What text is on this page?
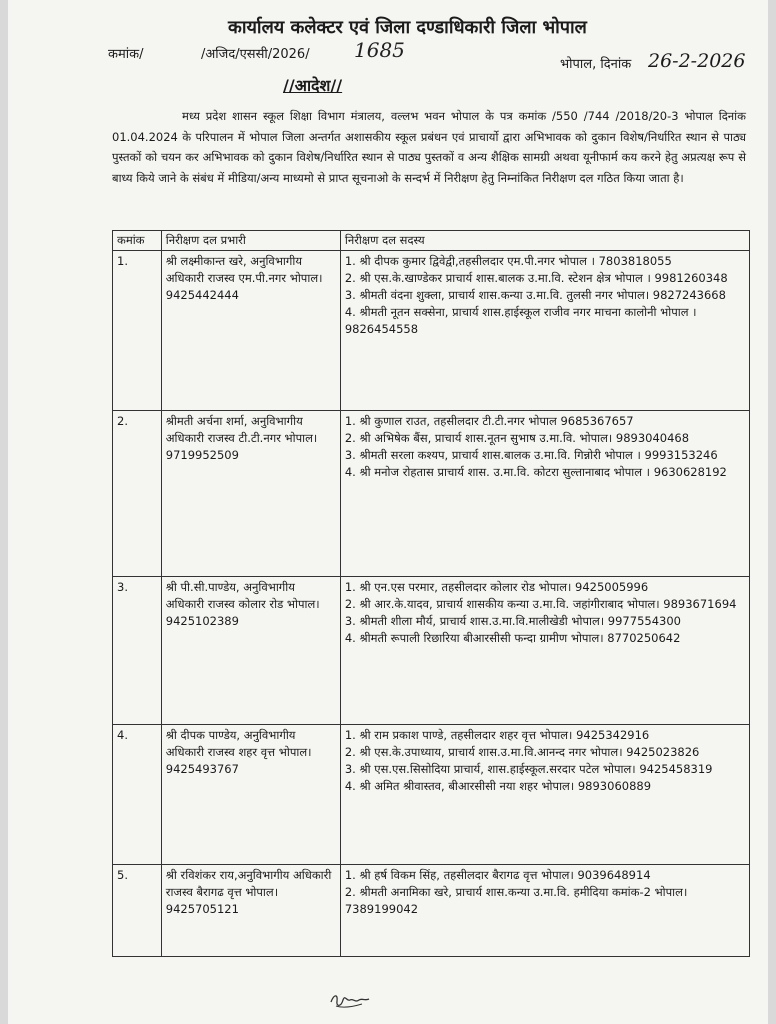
कार्यालय कलेक्टर एवं जिला दण्डाधिकारी जिला भोपाल
कमांक/	/अजिद/एससी/2026/ 1685
भोपाल, दिनांक 26-2-2026
//आदेश//
मध्य प्रदेश शासन स्कूल शिक्षा विभाग मंत्रालय, वल्लभ भवन भोपाल के पत्र कमांक /550 /744 /2018/20-3 भोपाल दिनांक 01.04.2024 के परिपालन में भोपाल जिला अन्तर्गत अशासकीय स्कूल प्रबंधन एवं प्राचार्यो द्वारा अभिभावक को दुकान विशेष/निर्धारित स्थान से पाठ्य पुस्तकों को चयन कर अभिभावक को दुकान विशेष/निर्धारित स्थान से पाठ्य पुस्तकों व अन्य शैक्षिक सामग्री अथवा यूनीफार्म कय करने हेतु अप्रत्यक्ष रूप से बाध्य किये जाने के संबंध में मीडिया/अन्य माध्यमो से प्राप्त सूचनाओ के सन्दर्भ में निरीक्षण हेतु निम्नांकित निरीक्षण दल गठित किया जाता है।
कमांक	निरीक्षण दल प्रभारी	निरीक्षण दल सदस्य
1.	श्री लक्ष्मीकान्त खरे, अनुविभागीय अधिकारी राजस्व एम.पी.नगर भोपाल।
9425442444	1. श्री दीपक कुमार द्विवेद्वी,तहसीलदार एम.पी.नगर भोपाल । 7803818055
2. श्री एस.के.खाण्डेकर प्राचार्य शास.बालक उ.मा.वि. स्टेशन क्षेत्र भोपाल । 9981260348
3. श्रीमती वंदना शुक्ला, प्राचार्य शास.कन्या उ.मा.वि. तुलसी नगर भोपाल। 9827243668
4. श्रीमती नूतन सक्सेना, प्राचार्य शास.हाईस्कूल राजीव नगर माचना कालोनी भोपाल । 9826454558

2.	श्रीमती अर्चना शर्मा, अनुविभागीय अधिकारी राजस्व टी.टी.नगर भोपाल। 9719952509	1. श्री कुणाल राउत, तहसीलदार टी.टी.नगर भोपाल 9685367657
2. श्री अभिषेक बैंस, प्राचार्य शास.नूतन सुभाष उ.मा.वि. भोपाल। 9893040468
3. श्रीमती सरला कश्यप, प्राचार्य शास.बालक उ.मा.वि. गिन्नोरी भोपाल । 9993153246
4. श्री मनोज रोहतास प्राचार्य शास. उ.मा.वि. कोटरा सुल्तानाबाद भोपाल । 9630628192

3.	श्री पी.सी.पाण्डेय, अनुविभागीय अधिकारी राजस्व कोलार रोड भोपाल। 9425102389	1. श्री एन.एस परमार, तहसीलदार कोलार रोड भोपाल। 9425005996
2. श्री आर.के.यादव, प्राचार्य शासकीय कन्या उ.मा.वि. जहांगीराबाद भोपाल। 9893671694
3. श्रीमती शीला मौर्य, प्राचार्य शास.उ.मा.वि.मालीखेडी भोपाल। 9977554300
4. श्रीमती रूपाली रिछारिया बीआरसीसी फन्दा ग्रामीण भोपाल। 8770250642

4.	श्री दीपक पाण्डेय, अनुविभागीय अधिकारी राजस्व शहर वृत्त भोपाल।
9425493767	1. श्री राम प्रकाश पाण्डे, तहसीलदार शहर वृत्त भोपाल। 9425342916
2. श्री एस.के.उपाध्याय, प्राचार्य शास.उ.मा.वि.आनन्द नगर भोपाल। 9425023826
3. श्री एस.एस.सिसोदिया प्राचार्य, शास.हाईस्कूल.सरदार पटेल भोपाल। 9425458319
4. श्री अमित श्रीवास्तव, बीआरसीसी नया शहर भोपाल। 9893060889

5.	श्री रविशंकर राय,अनुविभागीय अधिकारी राजस्व बैरागढ वृत्त भोपाल।
9425705121	1. श्री हर्ष विकम सिंह, तहसीलदार बैरागढ वृत्त भोपाल। 9039648914
2. श्रीमती अनामिका खरे, प्राचार्य शास.कन्या उ.मा.वि. हमीदिया कमांक-2 भोपाल। 7389199042
